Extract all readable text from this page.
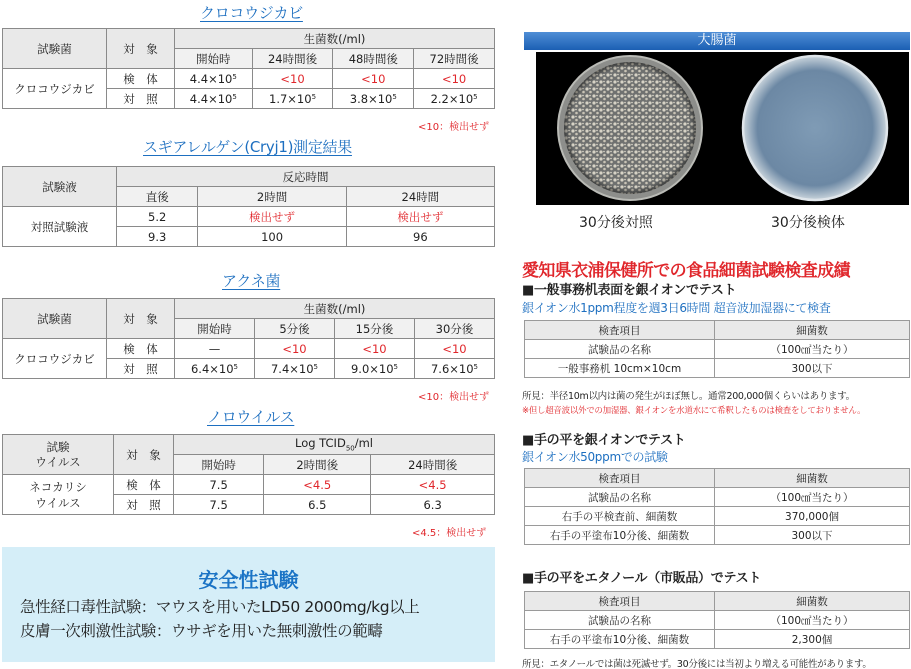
クロコウジカビ
試験菌	対　象	生菌数(/ml)			
		開始時	24時間後	48時間後	72時間後
クロコウジカビ	検　体	$4.4\times 10^5$	<10	<10	<10
	対　照	$4.4\times 10^5$	$1.7\times 10^5$	$3.8\times 10^5$	$2.2\times 10^5$
<10：検出せず
スギアレルゲン(Cryj1)測定結果
試験液	反応時間		
	直後	2時間	24時間
対照試験液	5.2	検出せず	検出せず
	9.3	100	96
アクネ菌
試験菌	対　象	生菌数(/ml)			
		開始時	5分後	15分後	30分後
クロコウジカビ	検　体	—	<10	<10	<10
	対　照	$6.4\times 10^5$	$7.4\times 10^5$	$9.0\times 10^5$	$7.6\times 10^5$
<10：検出せず
ノロウイルス
試験
ウイルス	対　象	Log $TCID_{50}/ml$		
		開始時	2時間後	24時間後
ネコカリシ
ウイルス	検　体	7.5	<4.5	<4.5
	対　照	7.5	6.5	6.3
<4.5：検出せず
安全性試験
急性経口毒性試験：マウスを用いたLD50 2000mg/kg以上
皮膚一次刺激性試験：ウサギを用いた無刺激性の範疇
大腸菌
30分後対照	30分後検体
愛知県衣浦保健所での食品細菌試験検査成績
■一般事務机表面を銀イオンでテスト
銀イオン水1ppm程度を週3日6時間 超音波加湿器にて検査
検査項目	細菌数
試験品の名称	（100㎠当たり）
一般事務机 10cm×10cm	300以下
所見：半径10m以内は菌の発生がほぼ無し。通常200,000個くらいはあります。
※但し超音波以外での加湿器、銀イオンを水道水にて希釈したものは検査をしておりません。
■手の平を銀イオンでテスト
銀イオン水50ppmでの試験
検査項目	細菌数
試験品の名称	（100㎠当たり）
右手の平検査前、細菌数	370,000個
右手の平塗布10分後、細菌数	300以下
■手の平をエタノール（市販品）でテスト
検査項目	細菌数
試験品の名称	（100㎠当たり）
右手の平塗布10分後、細菌数	2,300個
所見：エタノールでは菌は死滅せず。30分後には当初より増える可能性があります。
